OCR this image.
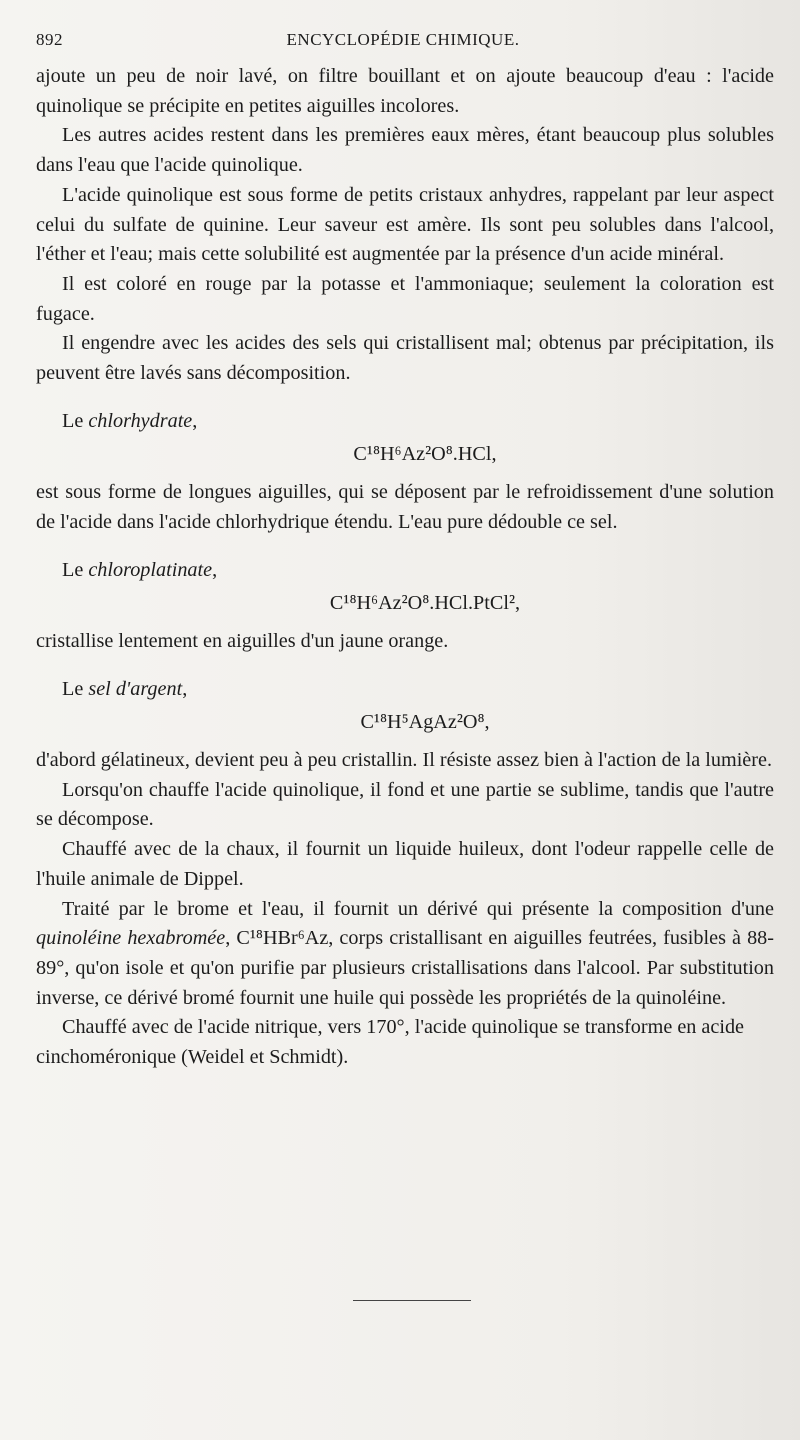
892	ENCYCLOPÉDIE CHIMIQUE.

ajoute un peu de noir lavé, on filtre bouillant et on ajoute beaucoup d'eau : l'acide quinolique se précipite en petites aiguilles incolores.

Les autres acides restent dans les premières eaux mères, étant beaucoup plus solubles dans l'eau que l'acide quinolique.

L'acide quinolique est sous forme de petits cristaux anhydres, rappelant par leur aspect celui du sulfate de quinine. Leur saveur est amère. Ils sont peu solubles dans l'alcool, l'éther et l'eau; mais cette solubilité est augmentée par la présence d'un acide minéral.

Il est coloré en rouge par la potasse et l'ammoniaque; seulement la coloration est fugace.

Il engendre avec les acides des sels qui cristallisent mal; obtenus par précipitation, ils peuvent être lavés sans décomposition.

Le chlorhydrate,

C¹⁸H⁶Az²O⁸.HCl,

est sous forme de longues aiguilles, qui se déposent par le refroidissement d'une solution de l'acide dans l'acide chlorhydrique étendu. L'eau pure dédouble ce sel.

Le chloroplatinate,

C¹⁸H⁶Az²O⁸.HCl.PtCl²,

cristallise lentement en aiguilles d'un jaune orange.

Le sel d'argent,

C¹⁸H⁵AgAz²O⁸,

d'abord gélatineux, devient peu à peu cristallin. Il résiste assez bien à l'action de la lumière.

Lorsqu'on chauffe l'acide quinolique, il fond et une partie se sublime, tandis que l'autre se décompose.

Chauffé avec de la chaux, il fournit un liquide huileux, dont l'odeur rappelle celle de l'huile animale de Dippel.

Traité par le brome et l'eau, il fournit un dérivé qui présente la composition d'une quinoléine hexabromée, C¹⁸HBr⁶Az, corps cristallisant en aiguilles feutrées, fusibles à 88-89°, qu'on isole et qu'on purifie par plusieurs cristallisations dans l'alcool. Par substitution inverse, ce dérivé bromé fournit une huile qui possède les propriétés de la quinoléine.

Chauffé avec de l'acide nitrique, vers 170°, l'acide quinolique se transforme en acide cinchoméronique (Weidel et Schmidt).
